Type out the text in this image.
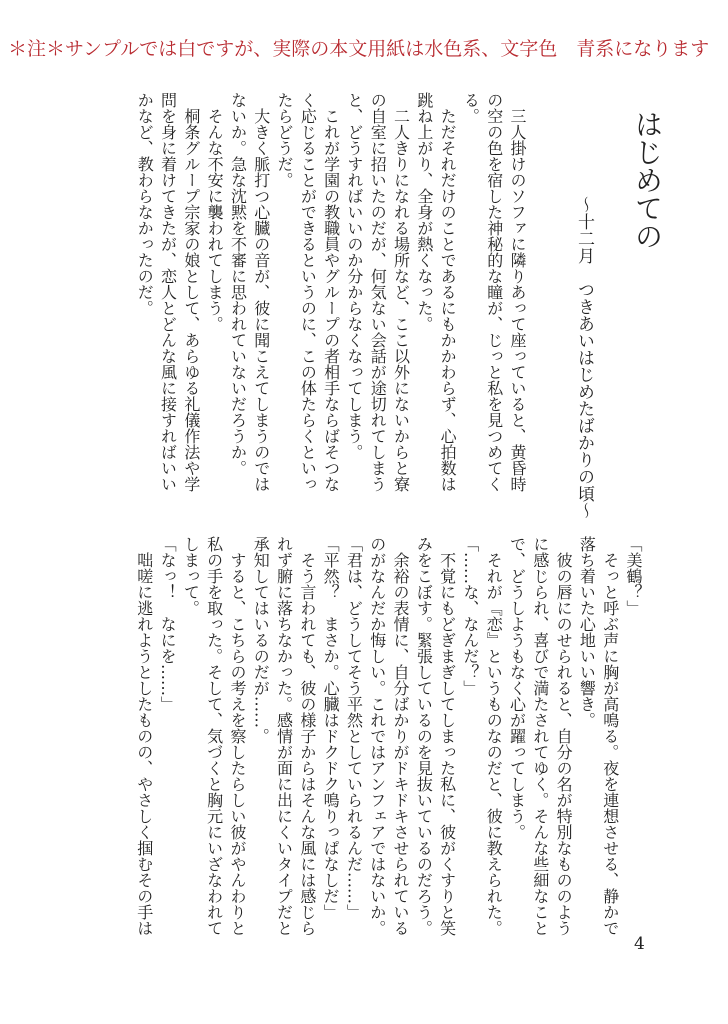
＊注＊サンプルでは白ですが、実際の本文用紙は水色系、文字色　青系になります
はじめての
～十二月　つきあいはじめたばかりの頃～
　三人掛けのソファに隣りあって座っていると、黄昏時
の空の色を宿した神秘的な瞳が、じっと私を見つめてく
る。
　ただそれだけのことであるにもかかわらず、心拍数は
跳ね上がり、全身が熱くなった。
　二人きりになれる場所など、ここ以外にないからと寮
の自室に招いたのだが、何気ない会話が途切れてしまう
と、どうすればいいのか分からなくなってしまう。
　これが学園の教職員やグループの者相手ならばそつな
く応じることができるというのに、この体たらくといっ
たらどうだ。
　大きく脈打つ心臓の音が、彼に聞こえてしまうのでは
ないか。急な沈黙を不審に思われていないだろうか。
　そんな不安に襲われてしまう。
　桐条グループ宗家の娘として、あらゆる礼儀作法や学
問を身に着けてきたが、恋人とどんな風に接すればいい
かなど、教わらなかったのだ。
「美鶴？」
　そっと呼ぶ声に胸が高鳴る。夜を連想させる、静かで
落ち着いた心地いい響き。
　彼の唇にのせられると、自分の名が特別なもののよう
に感じられ、喜びで満たされてゆく。そんな些細なこと
で、どうしようもなく心が躍ってしまう。
　それが『恋』というものなのだと、彼に教えられた。
「……な、なんだ？」
　不覚にもどぎまぎしてしまった私に、彼がくすりと笑
みをこぼす。緊張しているのを見抜いているのだろう。
　余裕の表情に、自分ばかりがドキドキさせられている
のがなんだか悔しい。これではアンフェアではないか。
「君は、どうしてそう平然としていられるんだ……」
「平然？　まさか。心臓はドクドク鳴りっぱなしだ」
　そう言われても、彼の様子からはそんな風には感じら
れず腑に落ちなかった。感情が面に出にくいタイプだと
承知してはいるのだが……。
　すると、こちらの考えを察したらしい彼がやんわりと
私の手を取った。そして、気づくと胸元にいざなわれて
しまって。
「なっ！　なにを……」
　咄嗟に逃れようとしたものの、やさしく掴むその手は
4
